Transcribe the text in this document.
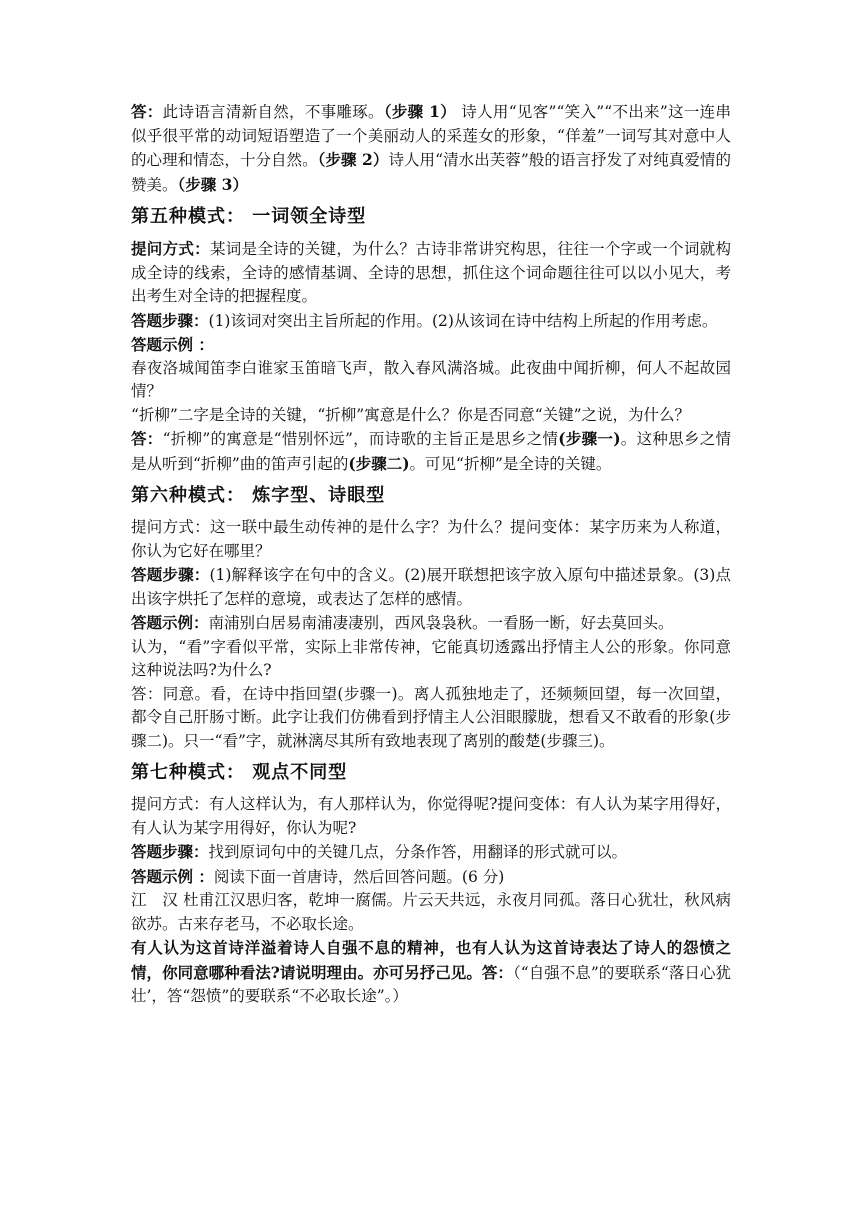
答：此诗语言清新自然，不事雕琢。（步骤 1） 诗人用“见客”“笑入”“不出来”这一连串似乎很平常的动词短语塑造了一个美丽动人的采莲女的形象，“佯羞”一词写其对意中人的心理和情态，十分自然。（步骤 2）诗人用“清水出芙蓉”般的语言抒发了对纯真爱情的赞美。（步骤 3）

第五种模式： 一词领全诗型

提问方式：某词是全诗的关键，为什么？古诗非常讲究构思，往往一个字或一个词就构成全诗的线索，全诗的感情基调、全诗的思想，抓住这个词命题往往可以以小见大，考出考生对全诗的把握程度。

答题步骤：(1)该词对突出主旨所起的作用。(2)从该词在诗中结构上所起的作用考虑。

答题示例 ：

春夜洛城闻笛李白谁家玉笛暗飞声，散入春风满洛城。此夜曲中闻折柳，何人不起故园情？

“折柳”二字是全诗的关键，“折柳”寓意是什么？你是否同意“关键”之说，为什么？

答：“折柳”的寓意是“惜别怀远”，而诗歌的主旨正是思乡之情(步骤一)。这种思乡之情是从听到“折柳”曲的笛声引起的(步骤二)。可见“折柳”是全诗的关键。

第六种模式： 炼字型、诗眼型

提问方式：这一联中最生动传神的是什么字？为什么？提问变体：某字历来为人称道，你认为它好在哪里？

答题步骤：(1)解释该字在句中的含义。(2)展开联想把该字放入原句中描述景象。(3)点出该字烘托了怎样的意境，或表达了怎样的感情。

答题示例：南浦别白居易南浦凄凄别，西风袅袅秋。一看肠一断，好去莫回头。

认为，“看”字看似平常，实际上非常传神，它能真切透露出抒情主人公的形象。你同意这种说法吗?为什么?

答：同意。看，在诗中指回望(步骤一)。离人孤独地走了，还频频回望，每一次回望，都令自己肝肠寸断。此字让我们仿佛看到抒情主人公泪眼朦胧，想看又不敢看的形象(步骤二)。只一“看”字，就淋漓尽其所有致地表现了离别的酸楚(步骤三)。

第七种模式： 观点不同型

提问方式：有人这样认为，有人那样认为，你觉得呢?提问变体：有人认为某字用得好，有人认为某字用得好，你认为呢?

答题步骤：找到原词句中的关键几点，分条作答，用翻译的形式就可以。

答题示例 ：阅读下面一首唐诗，然后回答问题。(6 分)

江　汉 杜甫江汉思归客，乾坤一腐儒。片云天共远，永夜月同孤。落日心犹壮，秋风病欲苏。古来存老马，不必取长途。

有人认为这首诗洋溢着诗人自强不息的精神，也有人认为这首诗表达了诗人的怨愤之情，你同意哪种看法?请说明理由。亦可另抒己见。答：（“自强不息”的要联系“落日心犹壮’，答“怨愤”的要联系“不必取长途”。）
